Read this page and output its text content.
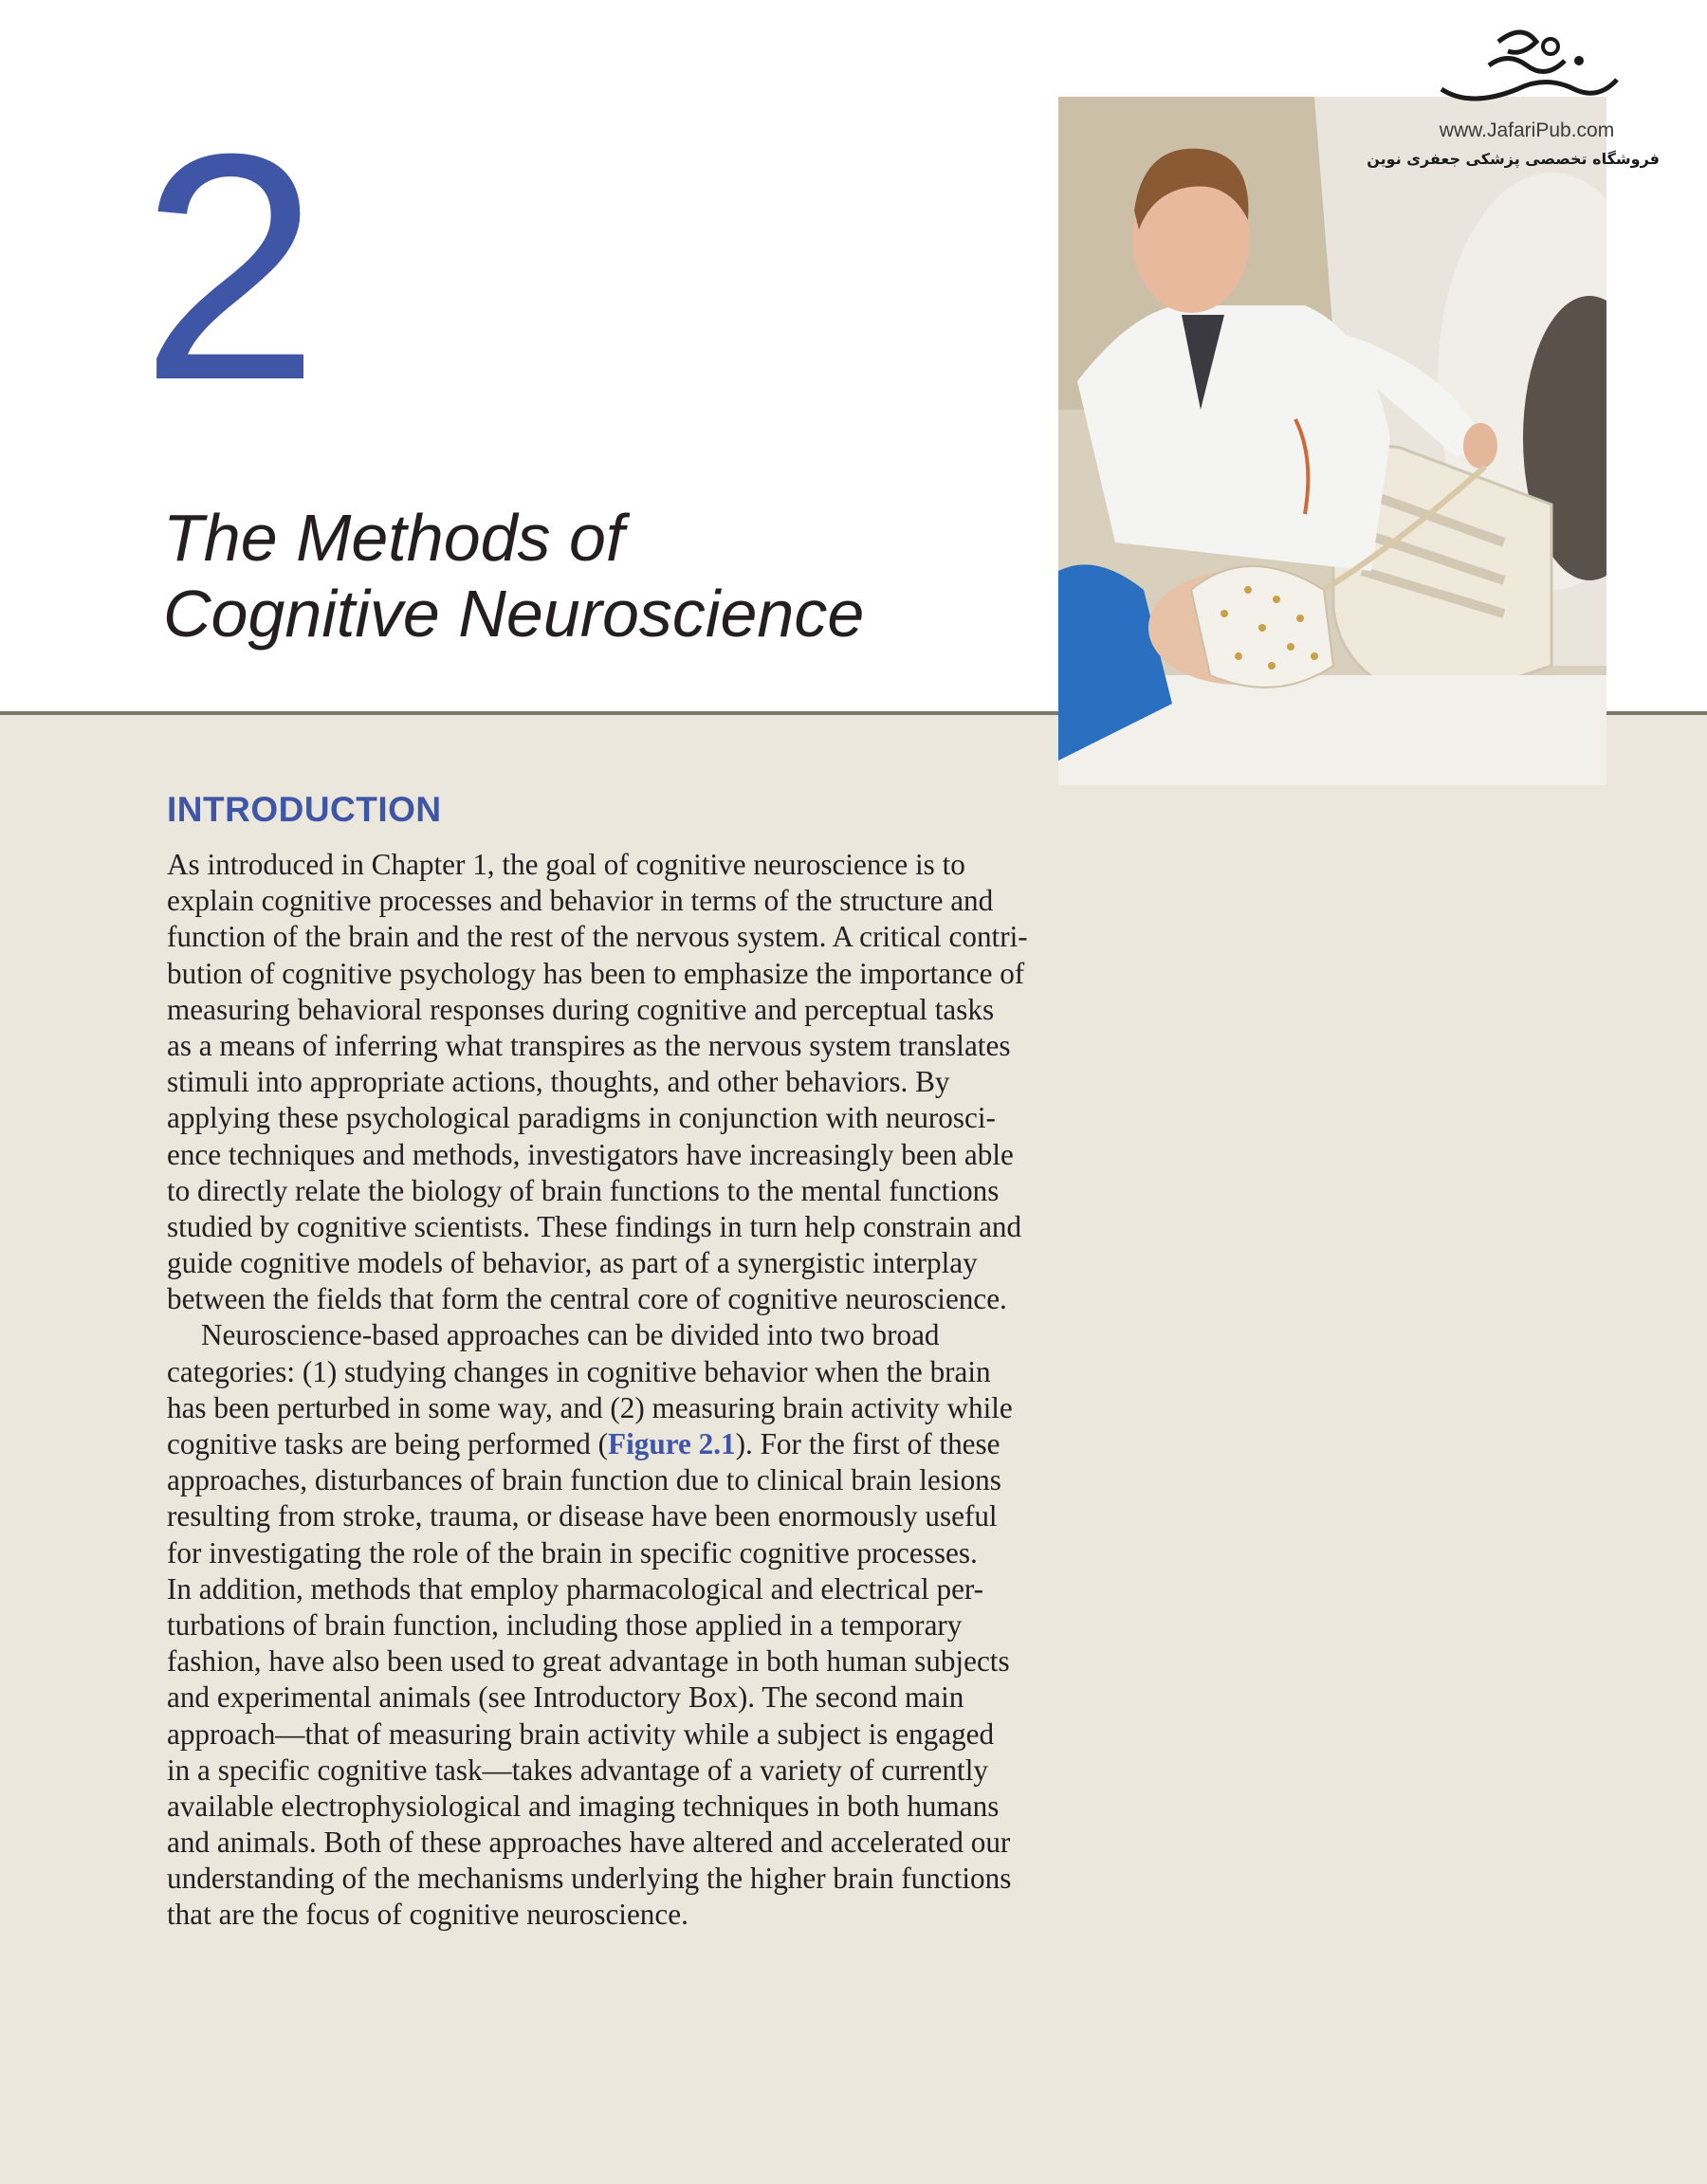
2
The Methods of
Cognitive Neuroscience
www.JafariPub.com
فروشگاه تخصصی پزشکی جعفری نوین
INTRODUCTION
As introduced in Chapter 1, the goal of cognitive neuroscience is to
explain cognitive processes and behavior in terms of the structure and
function of the brain and the rest of the nervous system. A critical contri-
bution of cognitive psychology has been to emphasize the importance of
measuring behavioral responses during cognitive and perceptual tasks
as a means of inferring what transpires as the nervous system translates
stimuli into appropriate actions, thoughts, and other behaviors. By
applying these psychological paradigms in conjunction with neurosci-
ence techniques and methods, investigators have increasingly been able
to directly relate the biology of brain functions to the mental functions
studied by cognitive scientists. These findings in turn help constrain and
guide cognitive models of behavior, as part of a synergistic interplay
between the fields that form the central core of cognitive neuroscience.
Neuroscience-based approaches can be divided into two broad
categories: (1) studying changes in cognitive behavior when the brain
has been perturbed in some way, and (2) measuring brain activity while
cognitive tasks are being performed (Figure 2.1). For the first of these
approaches, disturbances of brain function due to clinical brain lesions
resulting from stroke, trauma, or disease have been enormously useful
for investigating the role of the brain in specific cognitive processes.
In addition, methods that employ pharmacological and electrical per-
turbations of brain function, including those applied in a temporary
fashion, have also been used to great advantage in both human subjects
and experimental animals (see Introductory Box). The second main
approach—that of measuring brain activity while a subject is engaged
in a specific cognitive task—takes advantage of a variety of currently
available electrophysiological and imaging techniques in both humans
and animals. Both of these approaches have altered and accelerated our
understanding of the mechanisms underlying the higher brain functions
that are the focus of cognitive neuroscience.
